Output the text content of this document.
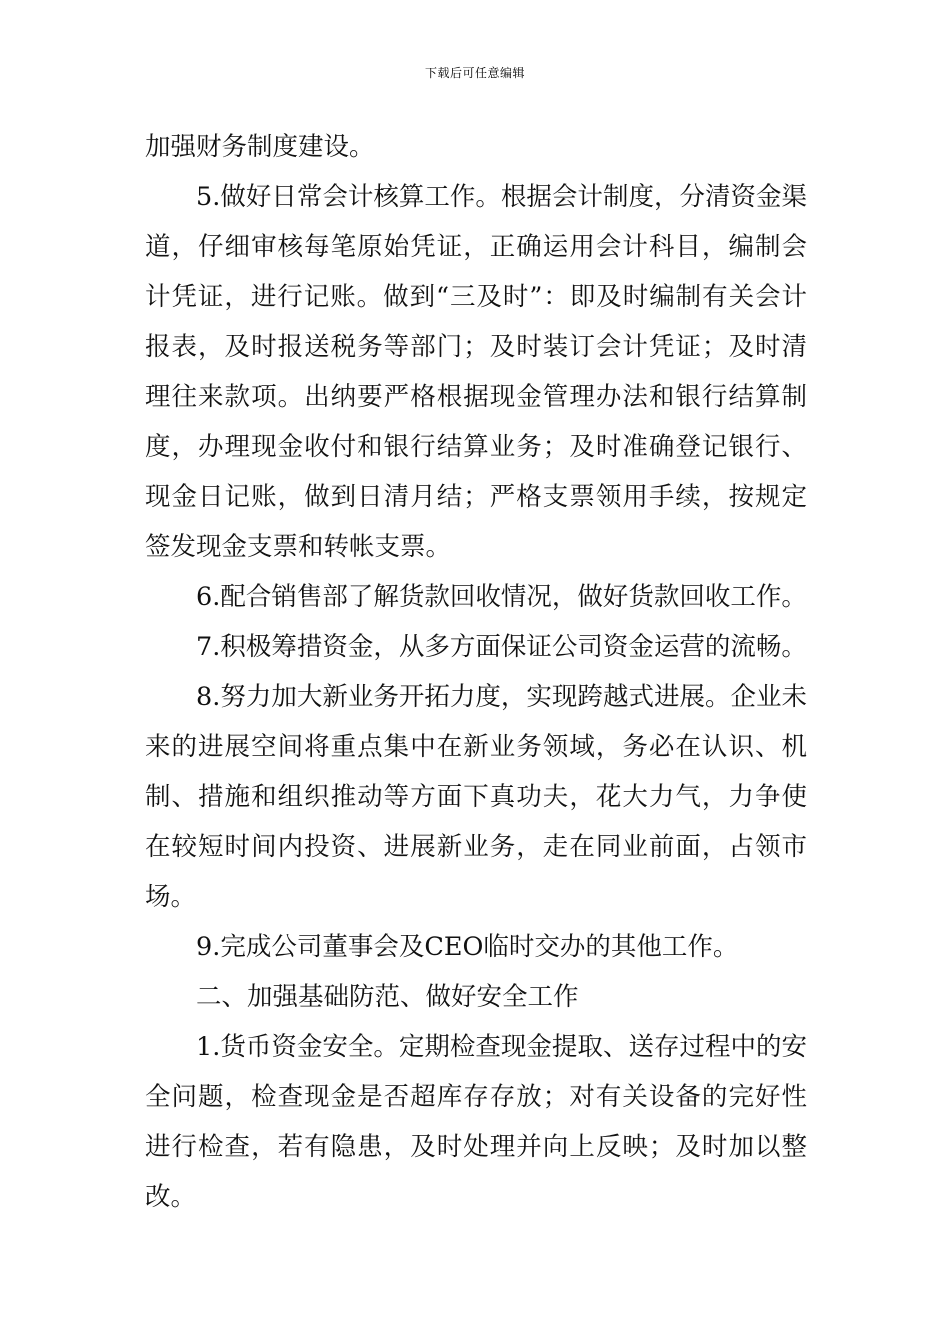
下载后可任意编辑

加强财务制度建设。

5.做好日常会计核算工作。根据会计制度，分清资金渠道，仔细审核每笔原始凭证，正确运用会计科目，编制会计凭证，进行记账。做到“三及时”：即及时编制有关会计报表，及时报送税务等部门；及时装订会计凭证；及时清理往来款项。出纳要严格根据现金管理办法和银行结算制度，办理现金收付和银行结算业务；及时准确登记银行、现金日记账，做到日清月结；严格支票领用手续，按规定签发现金支票和转帐支票。

6.配合销售部了解货款回收情况，做好货款回收工作。

7.积极筹措资金，从多方面保证公司资金运营的流畅。

8.努力加大新业务开拓力度，实现跨越式进展。企业未来的进展空间将重点集中在新业务领域，务必在认识、机制、措施和组织推动等方面下真功夫，花大力气，力争使在较短时间内投资、进展新业务，走在同业前面，占领市场。

9.完成公司董事会及CEO临时交办的其他工作。

二、加强基础防范、做好安全工作

1.货币资金安全。定期检查现金提取、送存过程中的安全问题，检查现金是否超库存存放；对有关设备的完好性进行检查，若有隐患，及时处理并向上反映；及时加以整改。
